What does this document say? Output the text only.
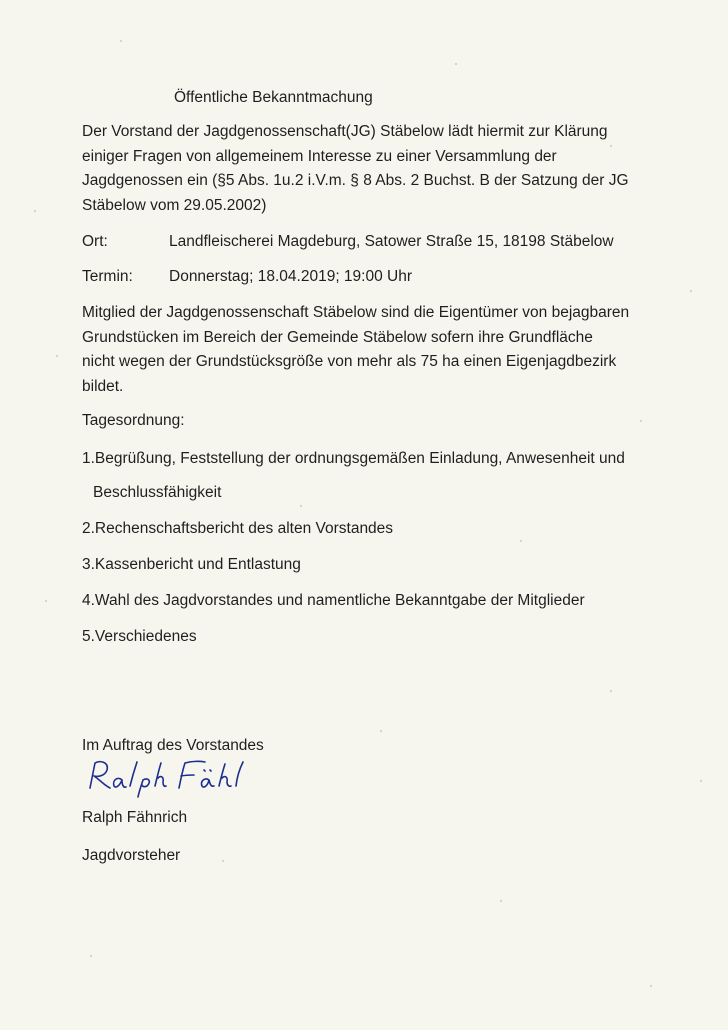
Öffentliche Bekanntmachung
Der Vorstand der Jagdgenossenschaft(JG) Stäbelow lädt hiermit zur Klärung
einiger Fragen von allgemeinem Interesse zu einer Versammlung der
Jagdgenossen ein (§5 Abs. 1u.2 i.V.m. § 8 Abs. 2 Buchst. B der Satzung der JG
Stäbelow vom 29.05.2002)
Ort:	Landfleischerei Magdeburg, Satower Straße 15, 18198 Stäbelow
Termin: Donnerstag; 18.04.2019; 19:00 Uhr
Mitglied der Jagdgenossenschaft Stäbelow sind die Eigentümer von bejagbaren
Grundstücken im Bereich der Gemeinde Stäbelow sofern ihre Grundfläche
nicht wegen der Grundstücksgröße von mehr als 75 ha einen Eigenjagdbezirk
bildet.
Tagesordnung:
1.Begrüßung, Feststellung der ordnungsgemäßen Einladung, Anwesenheit und
Beschlussfähigkeit
2.Rechenschaftsbericht des alten Vorstandes
3.Kassenbericht und Entlastung
4.Wahl des Jagdvorstandes und namentliche Bekanntgabe der Mitglieder
5.Verschiedenes
Im Auftrag des Vorstandes
Ralph Fähnrich
Jagdvorsteher
